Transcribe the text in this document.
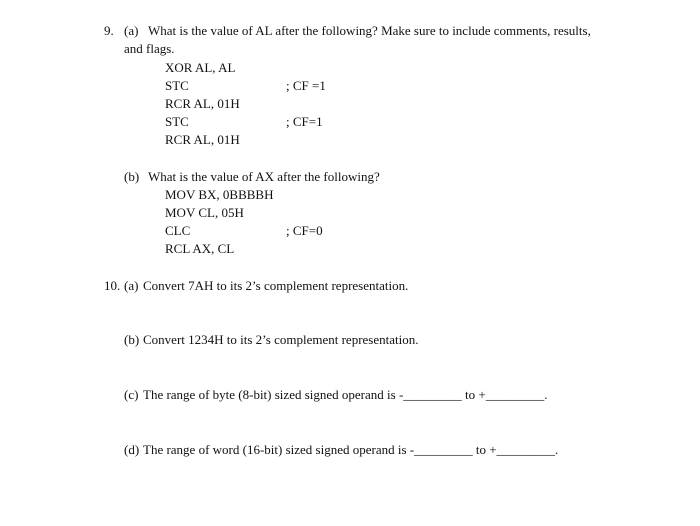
9. (a) What is the value of AL after the following? Make sure to include comments, results,
and flags.
XOR AL, AL
STC	; CF =1
RCR AL, 01H
STC	; CF=1
RCR AL, 01H
(b) What is the value of AX after the following?
MOV BX, 0BBBBH
MOV CL, 05H
CLC	; CF=0
RCL AX, CL
10. (a) Convert 7AH to its 2’s complement representation.
(b) Convert 1234H to its 2’s complement representation.
(c) The range of byte (8-bit) sized signed operand is -_________ to +_________.
(d) The range of word (16-bit) sized signed operand is -_________ to +_________.
